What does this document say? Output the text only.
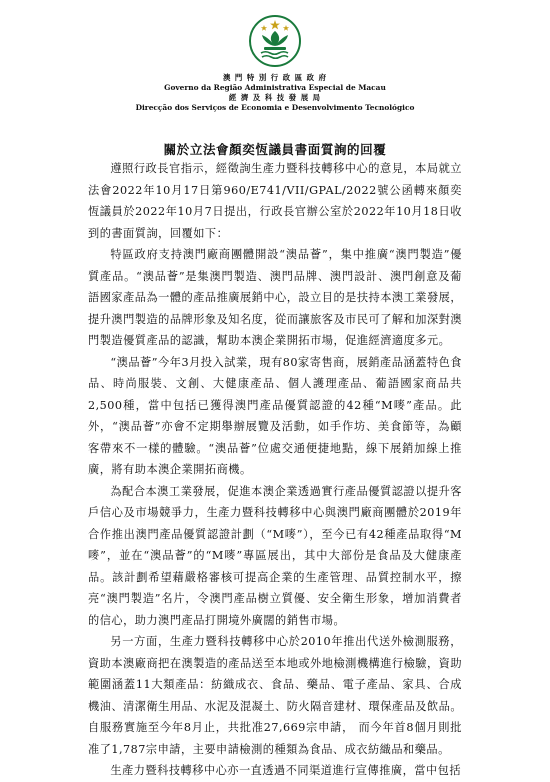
澳 門 特 別 行 政 區 政 府
Governo da Região Administrativa Especial de Macau
經 濟 及 科 技 發 展 局
Direcção dos Serviços de Economia e Desenvolvimento Tecnológico
關於立法會顏奕恆議員書面質詢的回覆

遵照行政長官指示，經徵詢生產力暨科技轉移中心的意見，本局就立法會2022年10月17日第960/E741/VII/GPAL/2022號公函轉來顏奕恆議員於2022年10月7日提出，行政長官辦公室於2022年10月18日收到的書面質詢，回覆如下：

特區政府支持澳門廠商團體開設“澳品薈”，集中推廣“澳門製造”優質產品。“澳品薈”是集澳門製造、澳門品牌、澳門設計、澳門創意及葡語國家產品為一體的產品推廣展銷中心，設立目的是扶持本澳工業發展，提升澳門製造的品牌形象及知名度，從而讓旅客及市民可了解和加深對澳門製造優質產品的認識，幫助本澳企業開拓市場，促進經濟適度多元。

“澳品薈”今年3月投入試業，現有80家寄售商，展銷產品涵蓋特色食品、時尚服裝、文創、大健康產品、個人護理產品、葡語國家商品共2,500種，當中包括已獲得澳門產品優質認證的42種“M嘜”產品。此外，“澳品薈”亦會不定期舉辦展覽及活動，如手作坊、美食節等，為顧客帶來不一樣的體驗。“澳品薈”位處交通便捷地點，線下展銷加線上推廣，將有助本澳企業開拓商機。

為配合本澳工業發展，促進本澳企業透過實行產品優質認證以提升客戶信心及市場競爭力，生產力暨科技轉移中心與澳門廠商團體於2019年合作推出澳門產品優質認證計劃（“M嘜”），至今已有42種產品取得“M嘜”，並在“澳品薈”的“M嘜”專區展出，其中大部份是食品及大健康產品。該計劃希望藉嚴格審核可提高企業的生產管理、品質控制水平，擦亮“澳門製造”名片，令澳門產品樹立質優、安全衛生形象，增加消費者的信心，助力澳門產品打開境外廣闊的銷售市場。

另一方面，生產力暨科技轉移中心於2010年推出代送外檢測服務，資助本澳廠商把在澳製造的產品送至本地或外地檢測機構進行檢驗，資助範圍涵蓋11大類產品：紡織成衣、食品、藥品、電子產品、家具、合成機油、清潔衛生用品、水泥及混凝土、防火隔音建材、環保產品及飲品。自服務實施至今年8月止，共批准27,669宗申請， 而今年首8個月則批准了1,787宗申請，主要申請檢測的種類為食品、成衣紡織品和藥品。

生產力暨科技轉移中心亦一直透過不同渠道進行宣傳推廣，當中包括
